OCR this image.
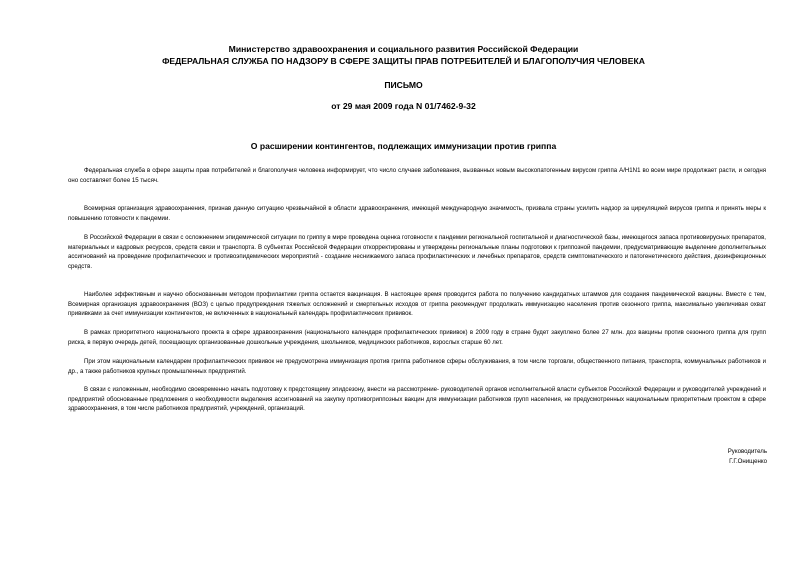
Министерство здравоохранения и социального развития Российской Федерации
ФЕДЕРАЛЬНАЯ СЛУЖБА ПО НАДЗОРУ В СФЕРЕ ЗАЩИТЫ ПРАВ ПОТРЕБИТЕЛЕЙ И БЛАГОПОЛУЧИЯ ЧЕЛОВЕКА
ПИСЬМО
от 29 мая 2009 года N 01/7462-9-32
О расширении контингентов, подлежащих иммунизации против гриппа

Федеральная служба в сфере защиты прав потребителей и благополучия человека информирует, что число случаев заболевания, вызванных новым высокопатогенным вирусом гриппа A/H1N1 во всем мире продолжает расти, и сегодня оно составляет более 15 тысяч.

Всемирная организация здравоохранения, признав данную ситуацию чрезвычайной в области здравоохранения, имеющей международную значимость, призвала страны усилить надзор за циркуляцией вирусов гриппа и принять меры к повышению готовности к пандемии.

В Российской Федерации в связи с осложнением эпидемической ситуации по гриппу в мире проведена оценка готовности к пандемии региональной госпитальной и диагностической базы, имеющегося запаса противовирусных препаратов, материальных и кадровых ресурсов, средств связи и транспорта. В субъектах Российской Федерации откорректированы и утверждены региональные планы подготовки к гриппозной пандемии, предусматривающие выделение дополнительных ассигнований на проведение профилактических и противоэпидемических мероприятий - создание неснижаемого запаса профилактических и лечебных препаратов, средств симптоматического и патогенетического действия, дезинфекционных средств.

Наиболее эффективным и научно обоснованным методом профилактики гриппа остается вакцинация. В настоящее время проводится работа по получению кандидатных штаммов для создания пандемической вакцины. Вместе с тем, Всемирная организация здравоохранения (ВОЗ) с целью предупреждения тяжелых осложнений и смертельных исходов от гриппа рекомендует продолжать иммунизацию населения против сезонного гриппа, максимально увеличивая охват прививками за счет иммунизации контингентов, не включенных в национальный календарь профилактических прививок.

В рамках приоритетного национального проекта в сфере здравоохранения (национального календаря профилактических прививок) в 2009 году в стране будет закуплено более 27 млн. доз вакцины против сезонного гриппа для групп риска, в первую очередь детей, посещающих организованные дошкольные учреждения, школьников, медицинских работников, взрослых старше 60 лет.

При этом национальным календарем профилактических прививок не предусмотрена иммунизация против гриппа работников сферы обслуживания, в том числе торговли, общественного питания, транспорта, коммунальных работников и др., а также работников крупных промышленных предприятий.

В связи с изложенным, необходимо своевременно начать подготовку к предстоящему эпидсезону, внести на рассмотрение- руководителей органов исполнительной власти субъектов Российской Федерации и руководителей учреждений и предприятий обоснованные предложения о необходимости выделения ассигнований на закупку противогриппозных вакцин для иммунизации работников групп населения, не предусмотренных национальным приоритетным проектом в сфере здравоохранения, в том числе работников предприятий, учреждений, организаций.

Руководитель
Г.Г.Онищенко
